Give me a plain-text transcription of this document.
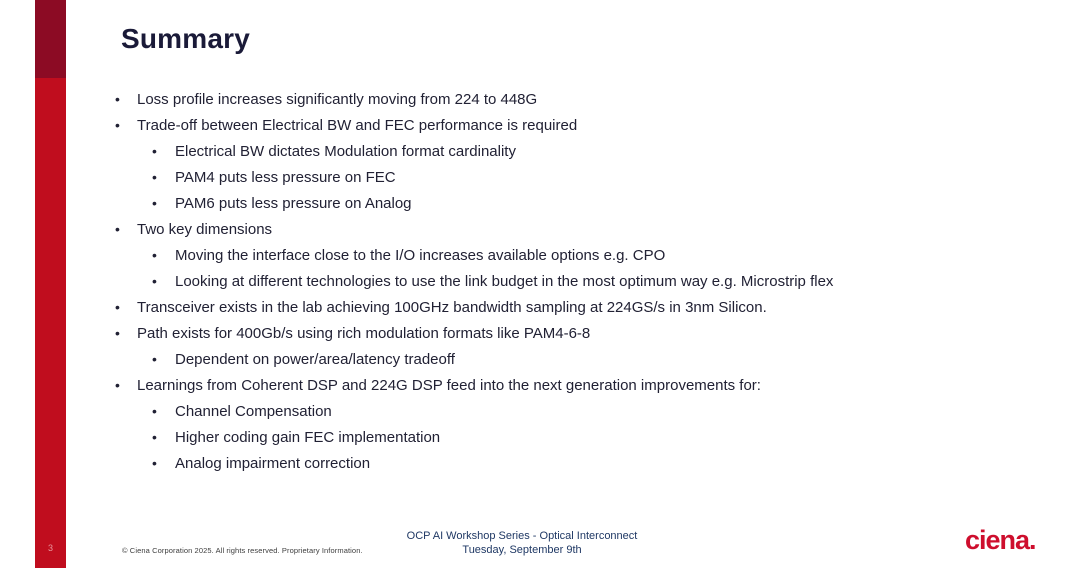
3
Summary
• Loss profile increases significantly moving from 224 to 448G
• Trade-off between Electrical BW and FEC performance is required
• Electrical BW dictates Modulation format cardinality
• PAM4 puts less pressure on FEC
• PAM6 puts less pressure on Analog
• Two key dimensions
• Moving the interface close to the I/O increases available options e.g. CPO
• Looking at different technologies to use the link budget in the most optimum way e.g. Microstrip flex
• Transceiver exists in the lab achieving 100GHz bandwidth sampling at 224GS/s in 3nm Silicon.
• Path exists for 400Gb/s using rich modulation formats like PAM4-6-8
• Dependent on power/area/latency tradeoff
• Learnings from Coherent DSP and 224G DSP feed into the next generation improvements for:
• Channel Compensation
• Higher coding gain FEC implementation
• Analog impairment correction
© Ciena Corporation 2025. All rights reserved. Proprietary Information.
OCP AI Workshop Series - Optical Interconnect
Tuesday, September 9th	ciena.
